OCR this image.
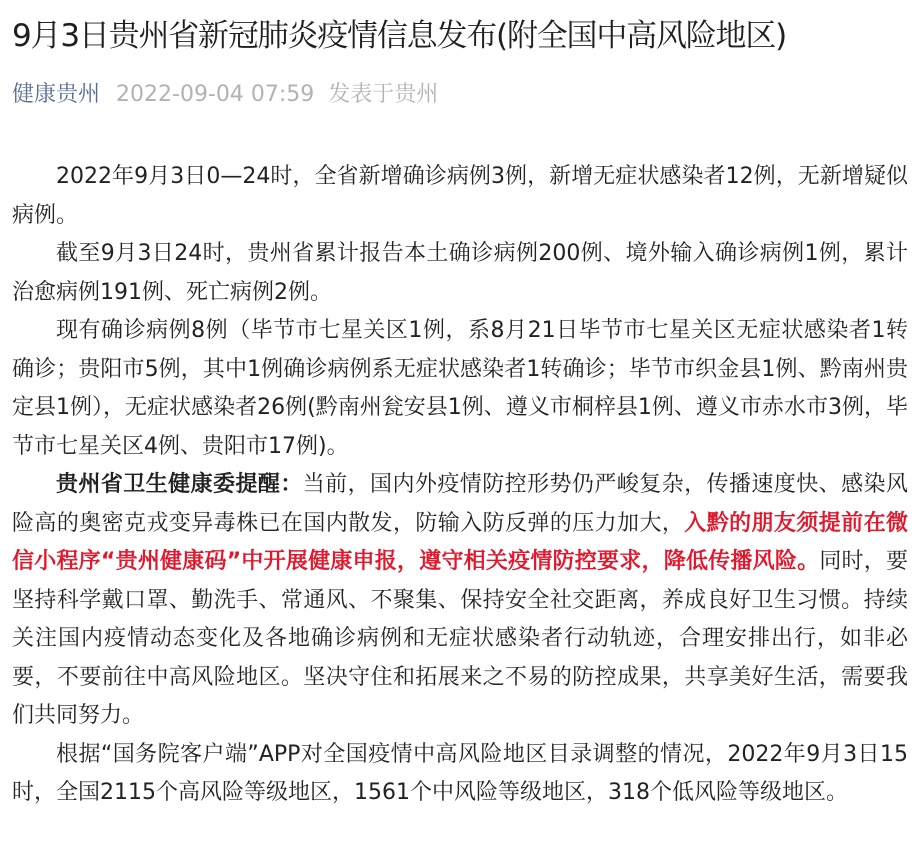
9月3日贵州省新冠肺炎疫情信息发布(附全国中高风险地区)
健康贵州 2022-09-04 07:59 发表于贵州

2022年9月3日0—24时，全省新增确诊病例3例，新增无症状感染者12例，无新增疑似病例。

截至9月3日24时，贵州省累计报告本土确诊病例200例、境外输入确诊病例1例，累计治愈病例191例、死亡病例2例。

现有确诊病例8例（毕节市七星关区1例，系8月21日毕节市七星关区无症状感染者1转确诊；贵阳市5例，其中1例确诊病例系无症状感染者1转确诊；毕节市织金县1例、黔南州贵定县1例），无症状感染者26例(黔南州瓮安县1例、遵义市桐梓县1例、遵义市赤水市3例，毕节市七星关区4例、贵阳市17例)。

贵州省卫生健康委提醒：当前，国内外疫情防控形势仍严峻复杂，传播速度快、感染风险高的奥密克戎变异毒株已在国内散发，防输入防反弹的压力加大，入黔的朋友须提前在微信小程序“贵州健康码”中开展健康申报，遵守相关疫情防控要求，降低传播风险。同时，要坚持科学戴口罩、勤洗手、常通风、不聚集、保持安全社交距离，养成良好卫生习惯。持续关注国内疫情动态变化及各地确诊病例和无症状感染者行动轨迹，合理安排出行，如非必要，不要前往中高风险地区。坚决守住和拓展来之不易的防控成果，共享美好生活，需要我们共同努力。

根据“国务院客户端”APP对全国疫情中高风险地区目录调整的情况，2022年9月3日15时，全国2115个高风险等级地区，1561个中风险等级地区，318个低风险等级地区。
